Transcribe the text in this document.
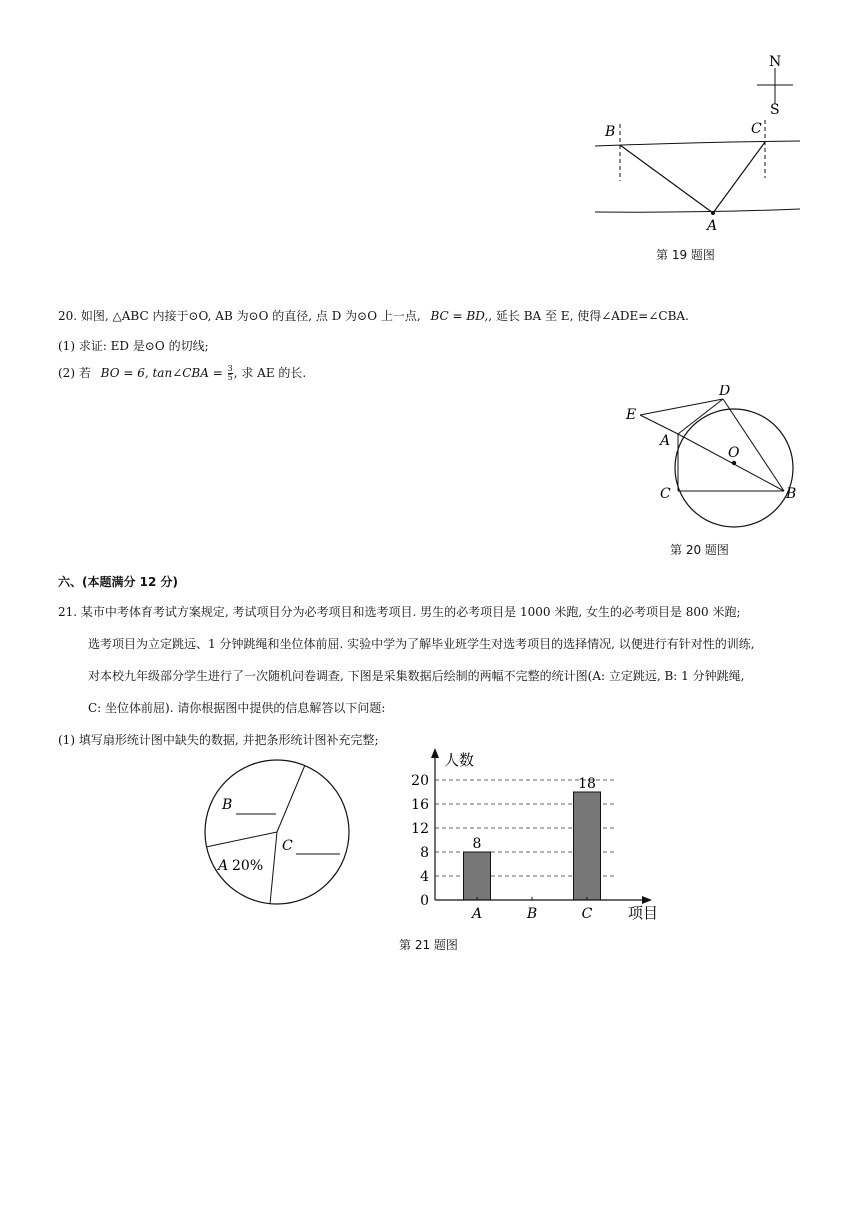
N
S
B	C
A
第 19 题图
20. 如图, △ABC 内接于⊙O, AB 为⊙O 的直径, 点 D 为⊙O 上一点, BC = BD,, 延长 BA 至 E, 使得∠ADE=∠CBA.
(1) 求证: ED 是⊙O 的切线;
(2) 若 BO = 6, tan∠CBA = $\frac{3}{5}$ , 求 AE 的长.
D
E
A
O
C	B
第 20 题图
六、(本题满分 12 分)
21. 某市中考体育考试方案规定, 考试项目分为必考项目和选考项目. 男生的必考项目是 1000 米跑, 女生的必考项目是 800 米跑;
选考项目为立定跳远、1 分钟跳绳和坐位体前屈. 实验中学为了解毕业班学生对选考项目的选择情况, 以便进行有针对性的训练,
对本校九年级部分学生进行了一次随机问卷调查, 下图是采集数据后绘制的两幅不完整的统计图(A: 立定跳远, B: 1 分钟跳绳,
C: 坐位体前屈). 请你根据图中提供的信息解答以下问题:
(1) 填写扇形统计图中缺失的数据, 并把条形统计图补充完整;
B
C
A 20%
0
4
8
12
16
20
8
18
A	B	C
人数
项目
第 21 题图
